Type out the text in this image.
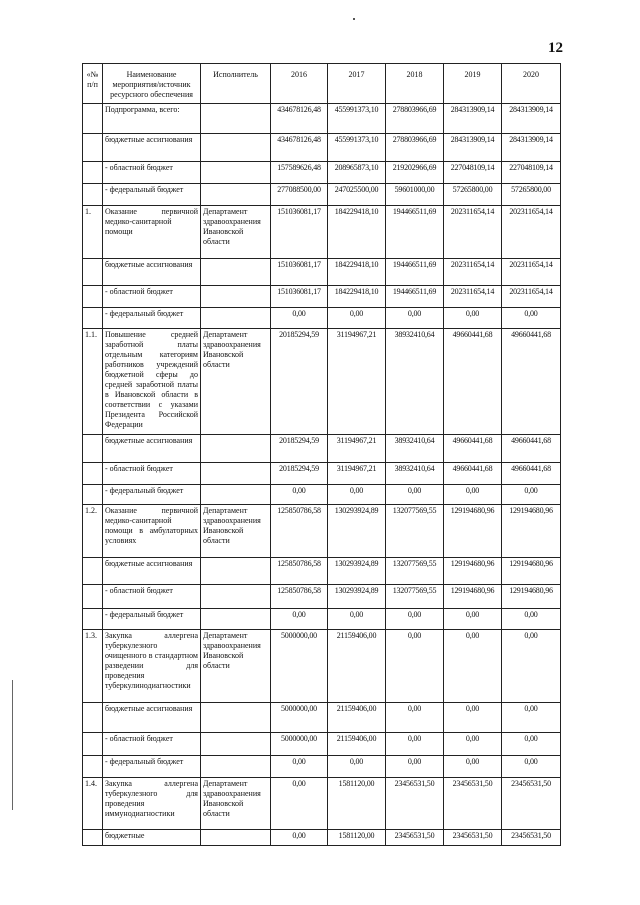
12
«№ п/п	Наименование мероприятия/источник ресурсного обеспечения	Исполнитель	2016	2017	2018	2019	2020
	Подпрограмма, всего:		434678126,48	455991373,10	278803966,69	284313909,14	284313909,14
	бюджетные ассигнования		434678126,48	455991373,10	278803966,69	284313909,14	284313909,14
	- областной бюджет		157589626,48	208965873,10	219202966,69	227048109,14	227048109,14
	- федеральный бюджет		277088500,00	247025500,00	59601000,00	57265800,00	57265800,00
1.	Оказание первичной медико-санитарной помощи	Департамент здравоохранения Ивановской области	151036081,17	184229418,10	194466511,69	202311654,14	202311654,14
	бюджетные ассигнования		151036081,17	184229418,10	194466511,69	202311654,14	202311654,14
	- областной бюджет		151036081,17	184229418,10	194466511,69	202311654,14	202311654,14
	- федеральный бюджет		0,00	0,00	0,00	0,00	0,00
1.1.	Повышение средней заработной платы отдельным категориям работников учреждений бюджетной сферы до средней заработной платы в Ивановской области в соответствии с указами Президента Российской Федерации	Департамент здравоохранения Ивановской области	20185294,59	31194967,21	38932410,64	49660441,68	49660441,68
	бюджетные ассигнования		20185294,59	31194967,21	38932410,64	49660441,68	49660441,68
	- областной бюджет		20185294,59	31194967,21	38932410,64	49660441,68	49660441,68
	- федеральный бюджет		0,00	0,00	0,00	0,00	0,00
1.2.	Оказание первичной медико-санитарной помощи в амбулаторных условиях	Департамент здравоохранения Ивановской области	125850786,58	130293924,89	132077569,55	129194680,96	129194680,96
	бюджетные ассигнования		125850786,58	130293924,89	132077569,55	129194680,96	129194680,96
	- областной бюджет		125850786,58	130293924,89	132077569,55	129194680,96	129194680,96
	- федеральный бюджет		0,00	0,00	0,00	0,00	0,00
1.3.	Закупка аллергена туберкулезного очищенного в стандартном разведении для проведения туберкулинодиагностики	Департамент здравоохранения Ивановской области	5000000,00	21159406,00	0,00	0,00	0,00
	бюджетные ассигнования		5000000,00	21159406,00	0,00	0,00	0,00
	- областной бюджет		5000000,00	21159406,00	0,00	0,00	0,00
	- федеральный бюджет		0,00	0,00	0,00	0,00	0,00
1.4.	Закупка аллергена туберкулезного для проведения иммунодиагностики	Департамент здравоохранения Ивановской области	0,00	1581120,00	23456531,50	23456531,50	23456531,50
	бюджетные		0,00	1581120,00	23456531,50	23456531,50	23456531,50
